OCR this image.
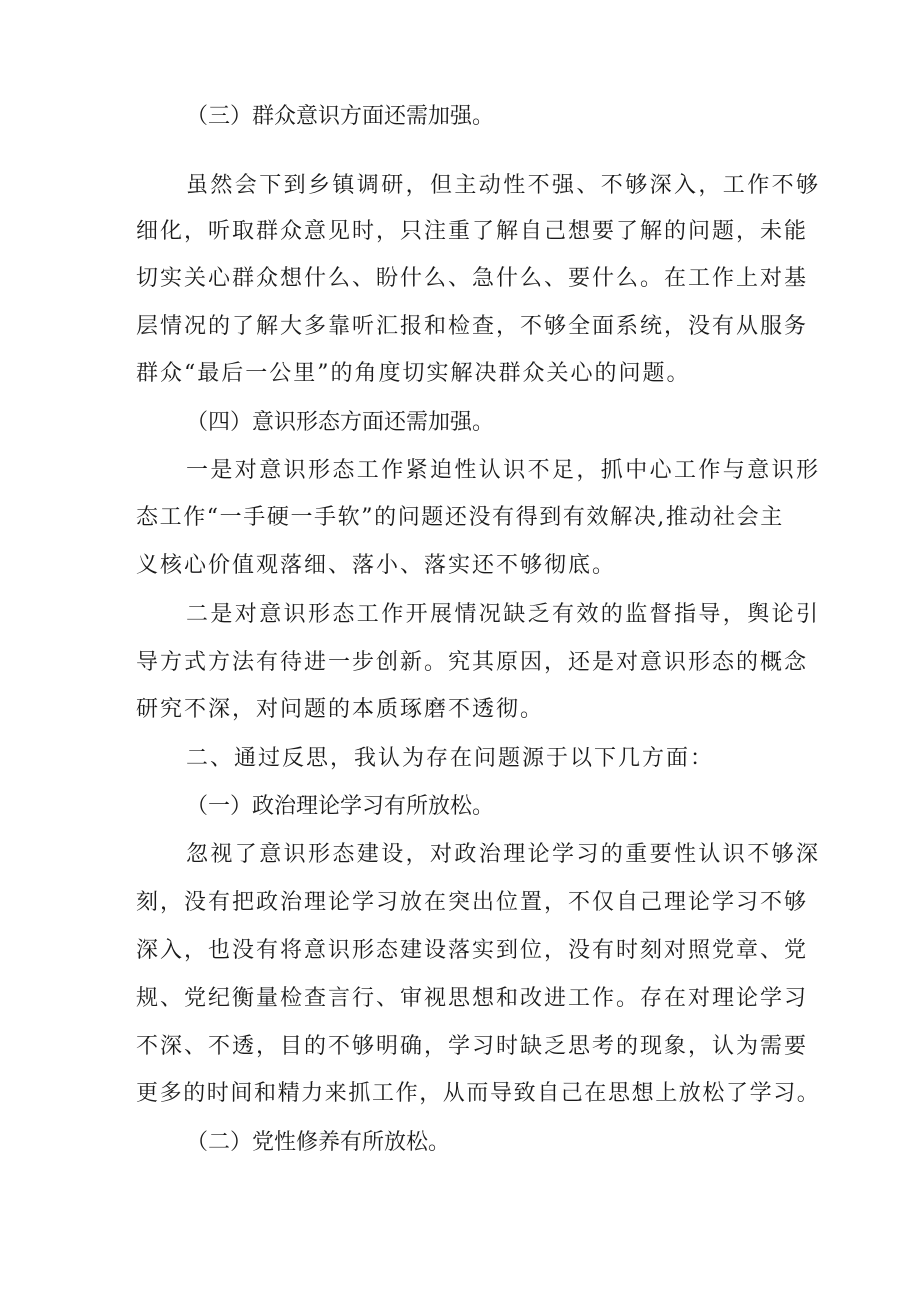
（三）群众意识方面还需加强。

虽然会下到乡镇调研，但主动性不强、不够深入，工作不够

细化，听取群众意见时，只注重了解自己想要了解的问题，未能

切实关心群众想什么、盼什么、急什么、要什么。在工作上对基

层情况的了解大多靠听汇报和检查，不够全面系统，没有从服务

群众“最后一公里”的角度切实解决群众关心的问题。

（四）意识形态方面还需加强。

一是对意识形态工作紧迫性认识不足，抓中心工作与意识形

态工作“一手硬一手软”的问题还没有得到有效解决,推动社会主

义核心价值观落细、落小、落实还不够彻底。

二是对意识形态工作开展情况缺乏有效的监督指导，舆论引

导方式方法有待进一步创新。究其原因，还是对意识形态的概念

研究不深，对问题的本质琢磨不透彻。

二、通过反思，我认为存在问题源于以下几方面：

（一）政治理论学习有所放松。

忽视了意识形态建设，对政治理论学习的重要性认识不够深

刻，没有把政治理论学习放在突出位置，不仅自己理论学习不够

深入，也没有将意识形态建设落实到位，没有时刻对照党章、党

规、党纪衡量检查言行、审视思想和改进工作。存在对理论学习

不深、不透，目的不够明确，学习时缺乏思考的现象，认为需要

更多的时间和精力来抓工作，从而导致自己在思想上放松了学习。

（二）党性修养有所放松。
